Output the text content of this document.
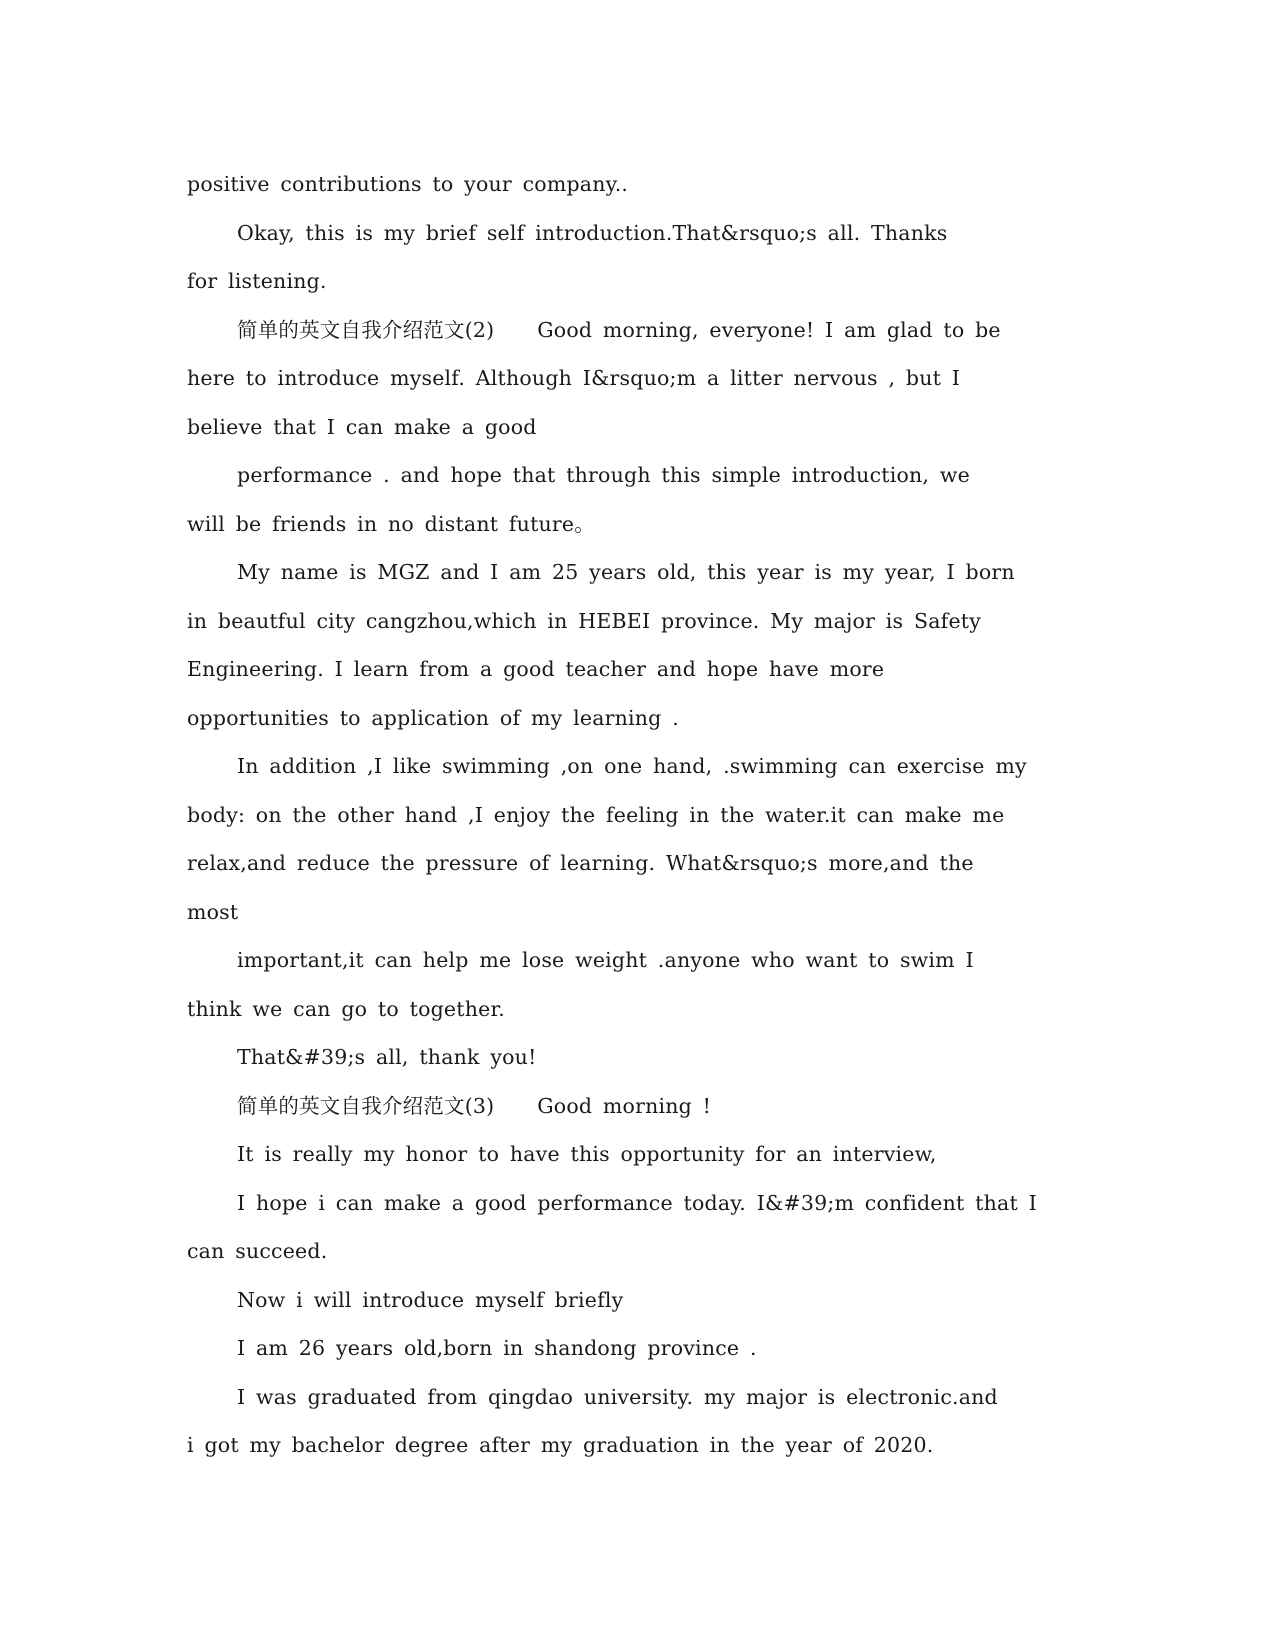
positive contributions to your company..
Okay, this is my brief self introduction.That&rsquo;s all. Thanks
for listening.
简单的英文自我介绍范文(2)    Good morning, everyone! I am glad to be
here to introduce myself. Although I&rsquo;m a litter nervous , but I
believe that I can make a good
performance . and hope that through this simple introduction, we
will be friends in no distant future。
My name is MGZ and I am 25 years old, this year is my year, I born
in beautful city cangzhou,which in HEBEI province. My major is Safety
Engineering. I learn from a good teacher and hope have more
opportunities to application of my learning .
In addition ,I like swimming ,on one hand, .swimming can exercise my
body: on the other hand ,I enjoy the feeling in the water.it can make me
relax,and reduce the pressure of learning. What&rsquo;s more,and the
most
important,it can help me lose weight .anyone who want to swim I
think we can go to together.
That&#39;s all, thank you!
简单的英文自我介绍范文(3)    Good morning !
It is really my honor to have this opportunity for an interview,
I hope i can make a good performance today. I&#39;m confident that I
can succeed.
Now i will introduce myself briefly
I am 26 years old,born in shandong province .
I was graduated from qingdao university. my major is electronic.and
i got my bachelor degree after my graduation in the year of 2020.
